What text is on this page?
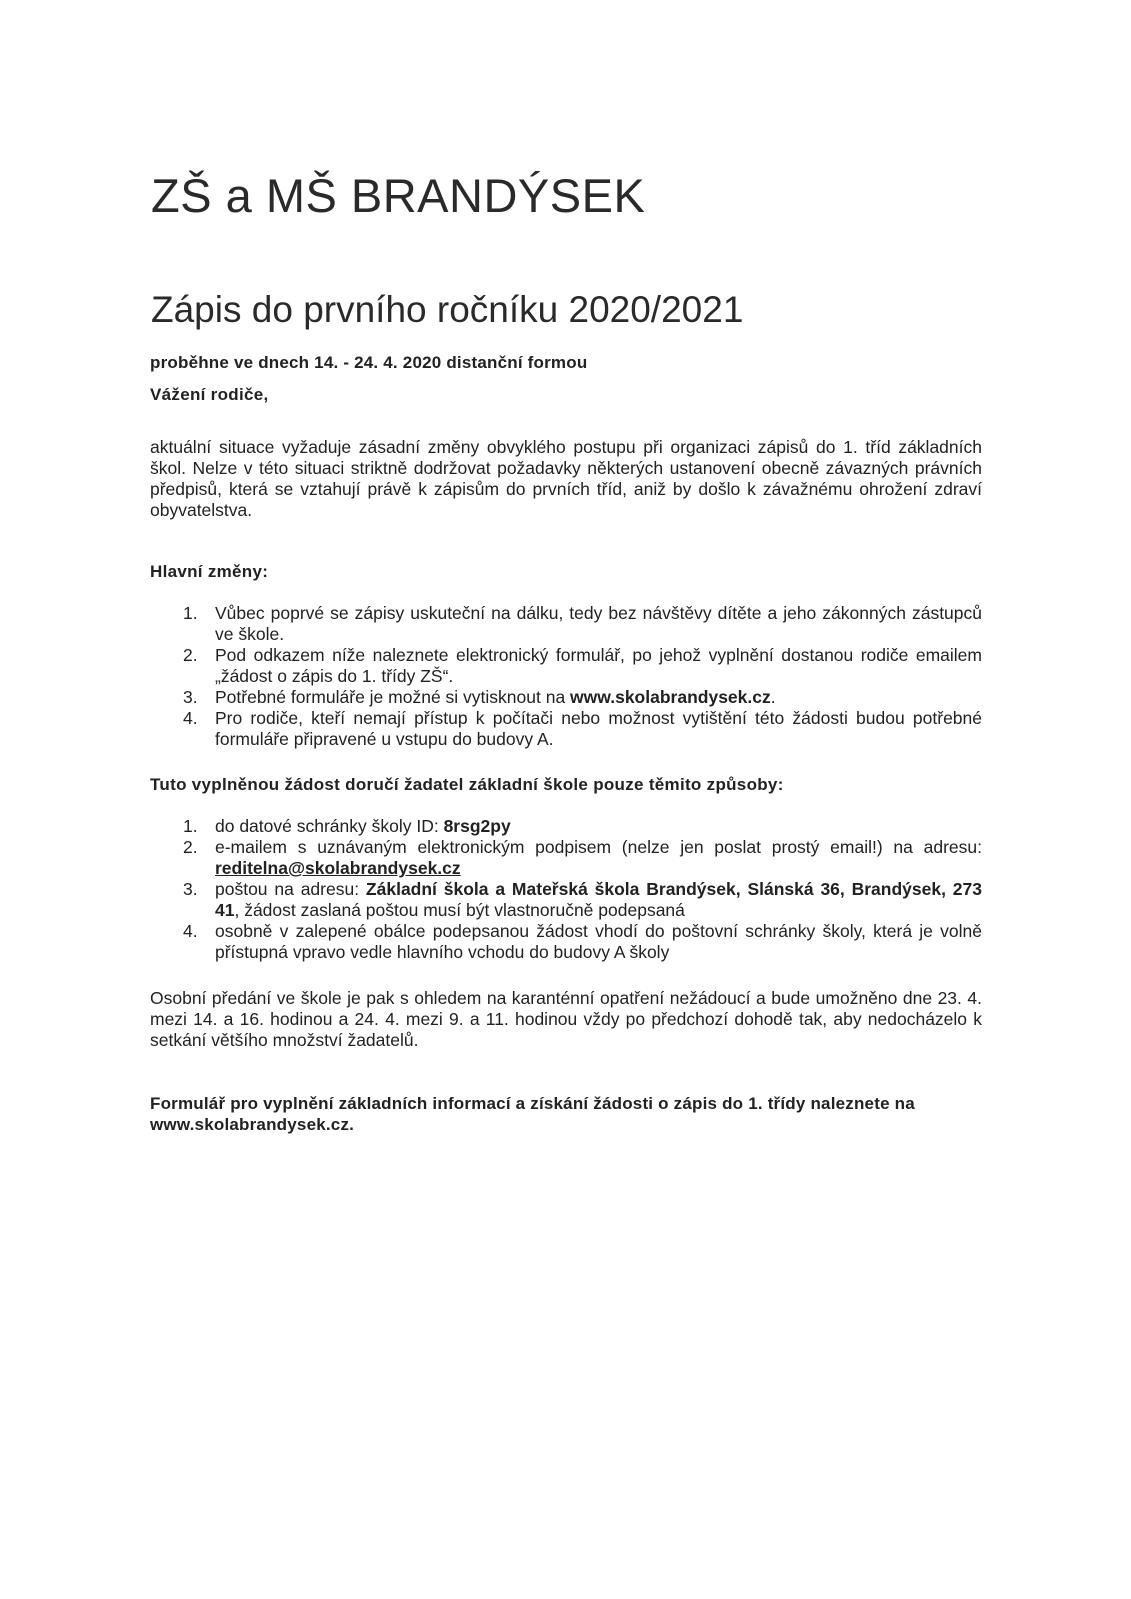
ZŠ a MŠ BRANDÝSEK
Zápis do prvního ročníku 2020/2021

proběhne ve dnech 14. - 24. 4. 2020 distanční formou

Vážení rodiče,

aktuální situace vyžaduje zásadní změny obvyklého postupu při organizaci zápisů do 1. tříd základních škol. Nelze v této situaci striktně dodržovat požadavky některých ustanovení obecně závazných právních předpisů, která se vztahují právě k zápisům do prvních tříd, aniž by došlo k závažnému ohrožení zdraví obyvatelstva.

Hlavní změny:

1. Vůbec poprvé se zápisy uskuteční na dálku, tedy bez návštěvy dítěte a jeho zákonných zástupců ve škole.
2. Pod odkazem níže naleznete elektronický formulář, po jehož vyplnění dostanou rodiče emailem „žádost o zápis do 1. třídy ZŠ“.
3. Potřebné formuláře je možné si vytisknout na www.skolabrandysek.cz.
4. Pro rodiče, kteří nemají přístup k počítači nebo možnost vytištění této žádosti budou potřebné formuláře připravené u vstupu do budovy A.

Tuto vyplněnou žádost doručí žadatel základní škole pouze těmito způsoby:

1. do datové schránky školy ID: 8rsg2py
2. e-mailem s uznávaným elektronickým podpisem (nelze jen poslat prostý email!) na adresu: reditelna@skolabrandysek.cz
3. poštou na adresu: Základní škola a Mateřská škola Brandýsek, Slánská 36, Brandýsek, 273 41, žádost zaslaná poštou musí být vlastnoručně podepsaná
4. osobně v zalepené obálce podepsanou žádost vhodí do poštovní schránky školy, která je volně přístupná vpravo vedle hlavního vchodu do budovy A školy

Osobní předání ve škole je pak s ohledem na karanténní opatření nežádoucí a bude umožněno dne 23. 4. mezi 14. a 16. hodinou a 24. 4. mezi 9. a 11. hodinou vždy po předchozí dohodě tak, aby nedocházelo k setkání většího množství žadatelů.

Formulář pro vyplnění základních informací a získání žádosti o zápis do 1. třídy naleznete na www.skolabrandysek.cz.
